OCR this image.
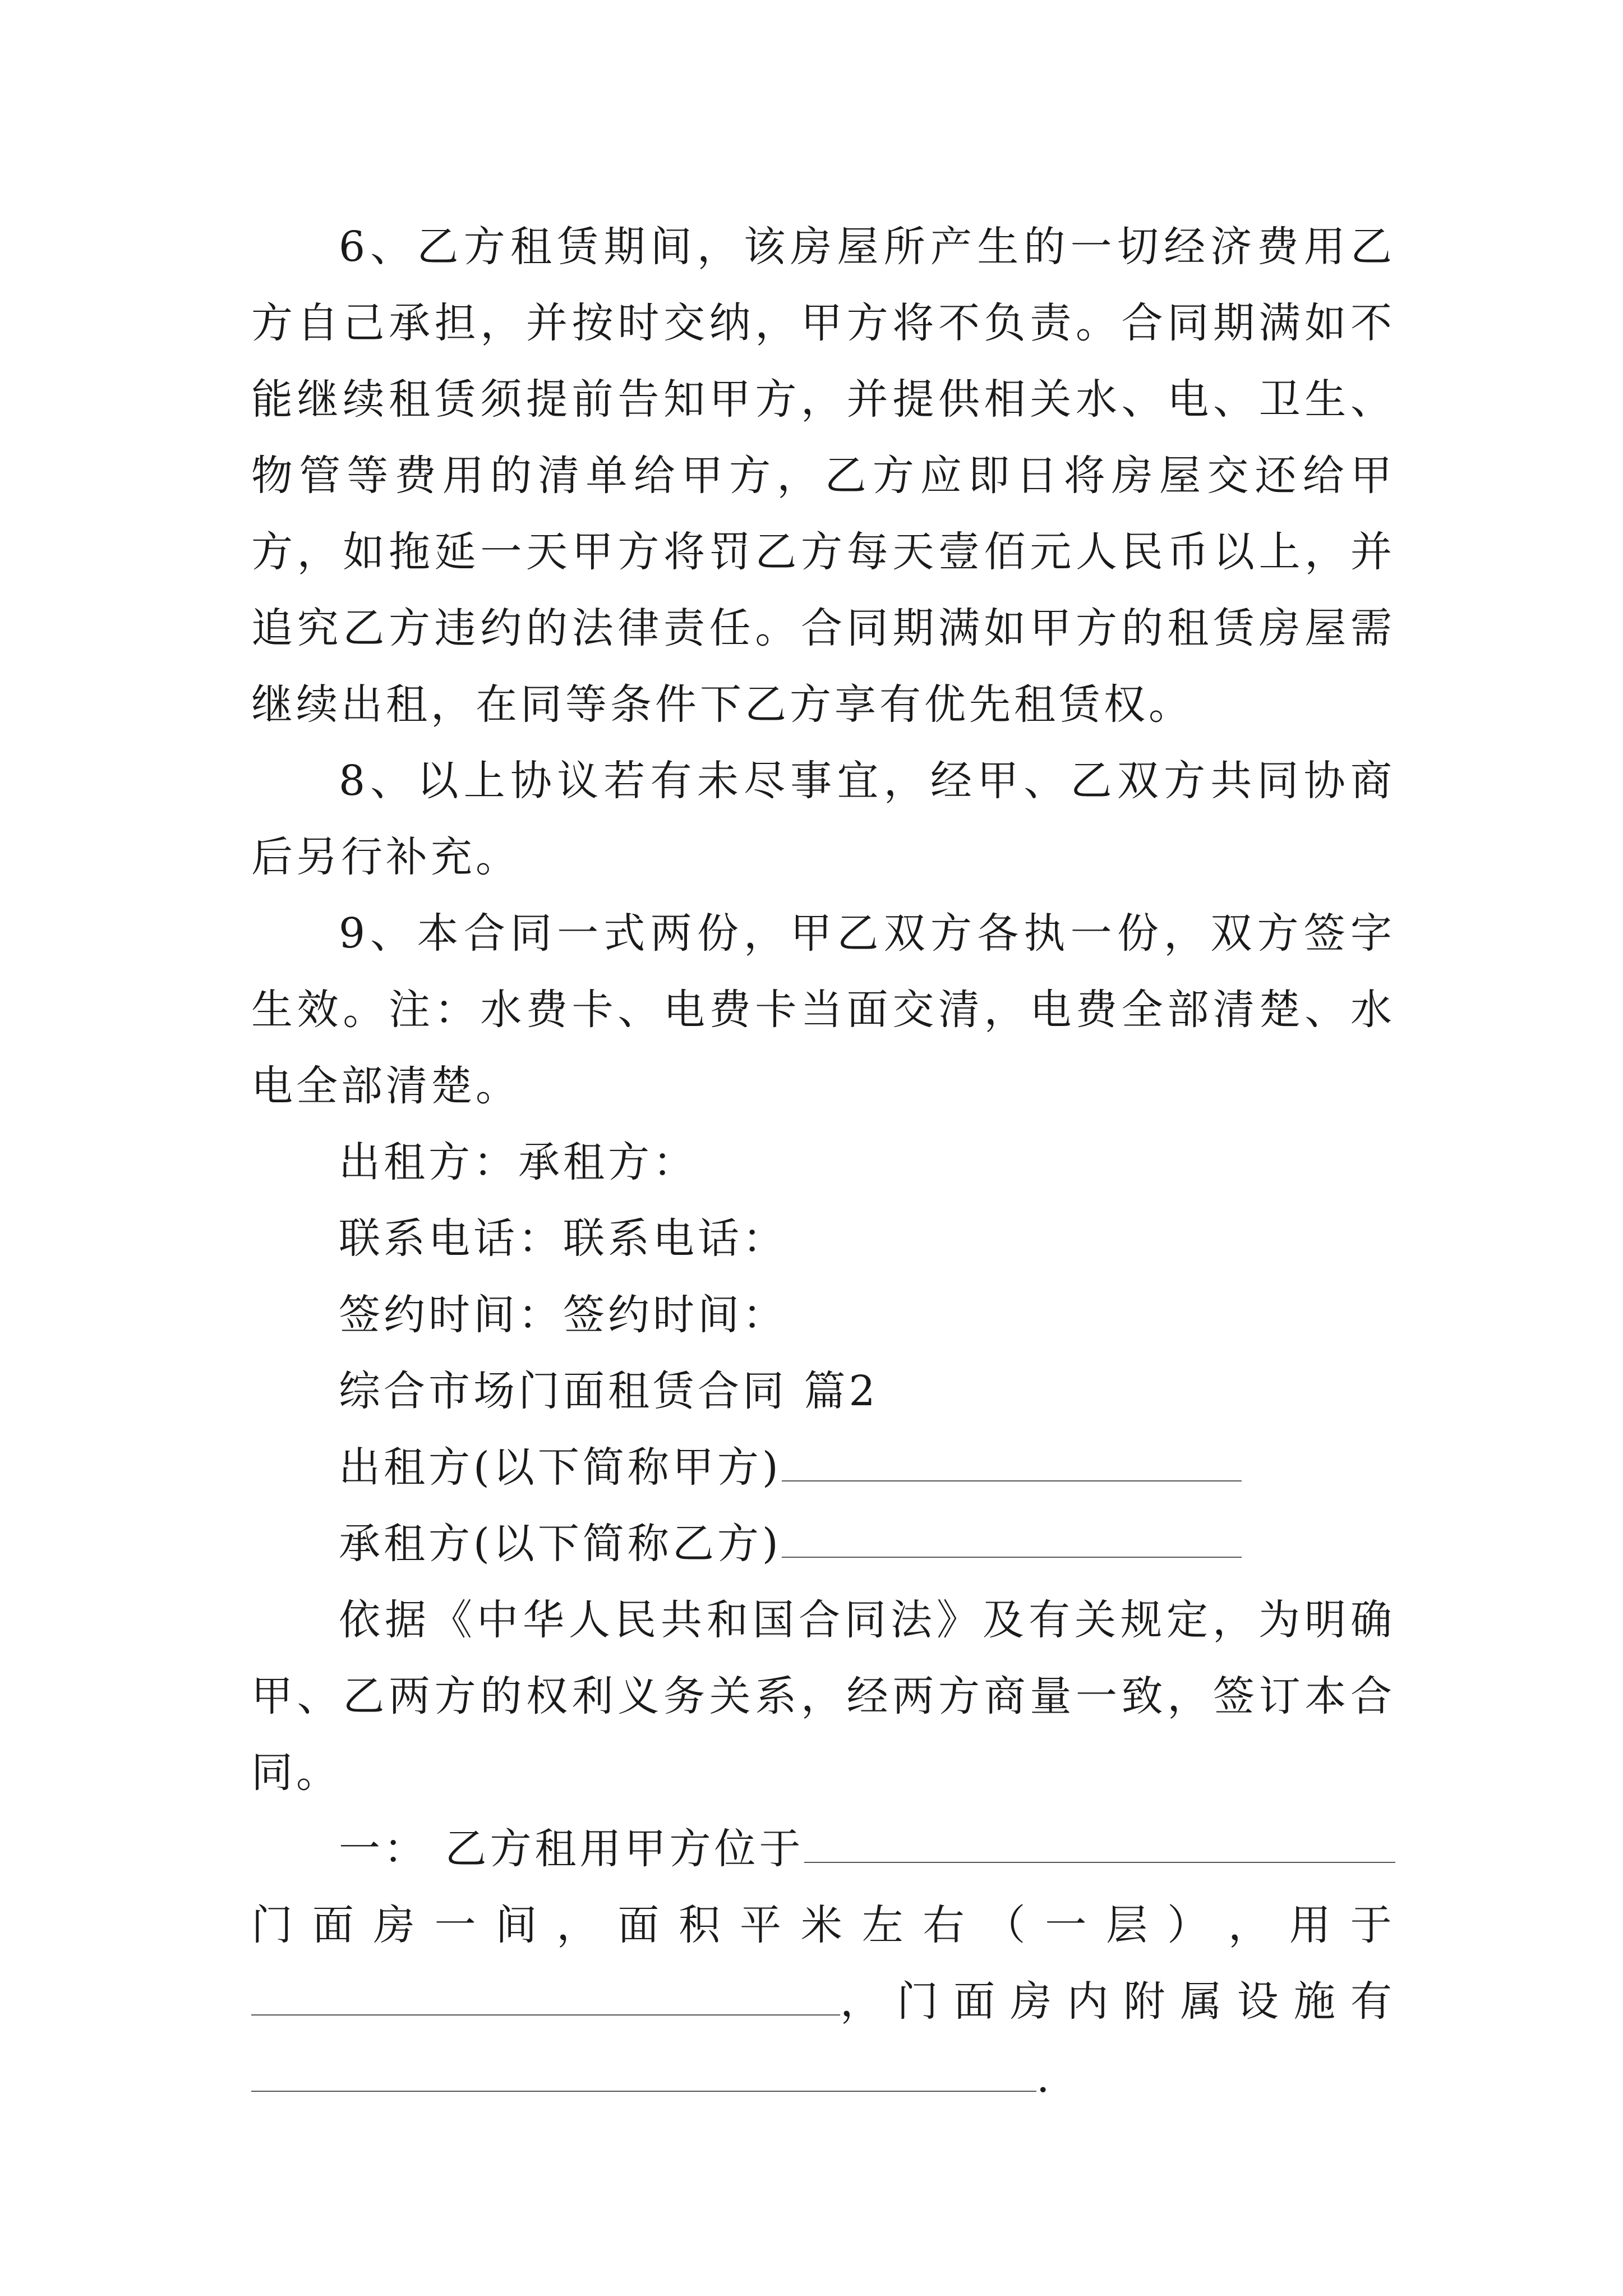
6、乙方租赁期间，该房屋所产生的一切经济费用乙方自己承担，并按时交纳，甲方将不负责。合同期满如不能继续租赁须提前告知甲方，并提供相关水、电、卫生、物管等费用的清单给甲方，乙方应即日将房屋交还给甲方，如拖延一天甲方将罚乙方每天壹佰元人民币以上，并追究乙方违约的法律责任。合同期满如甲方的租赁房屋需继续出租，在同等条件下乙方享有优先租赁权。

8、以上协议若有未尽事宜，经甲、乙双方共同协商后另行补充。

9、本合同一式两份，甲乙双方各执一份，双方签字生效。注：水费卡、电费卡当面交清，电费全部清楚、水电全部清楚。

出租方：承租方：

联系电话：联系电话：

签约时间：签约时间：

综合市场门面租赁合同 篇2

出租方(以下简称甲方)

承租方(以下简称乙方)

依据《中华人民共和国合同法》及有关规定，为明确甲、乙两方的权利义务关系，经两方商量一致，签订本合同。

一： 乙方租用甲方位于

门 面 房 一 间 ， 面 积 平 米 左 右 （ 一 层 ） ， 用 于

， 门 面 房 内 附 属 设 施 有

.
